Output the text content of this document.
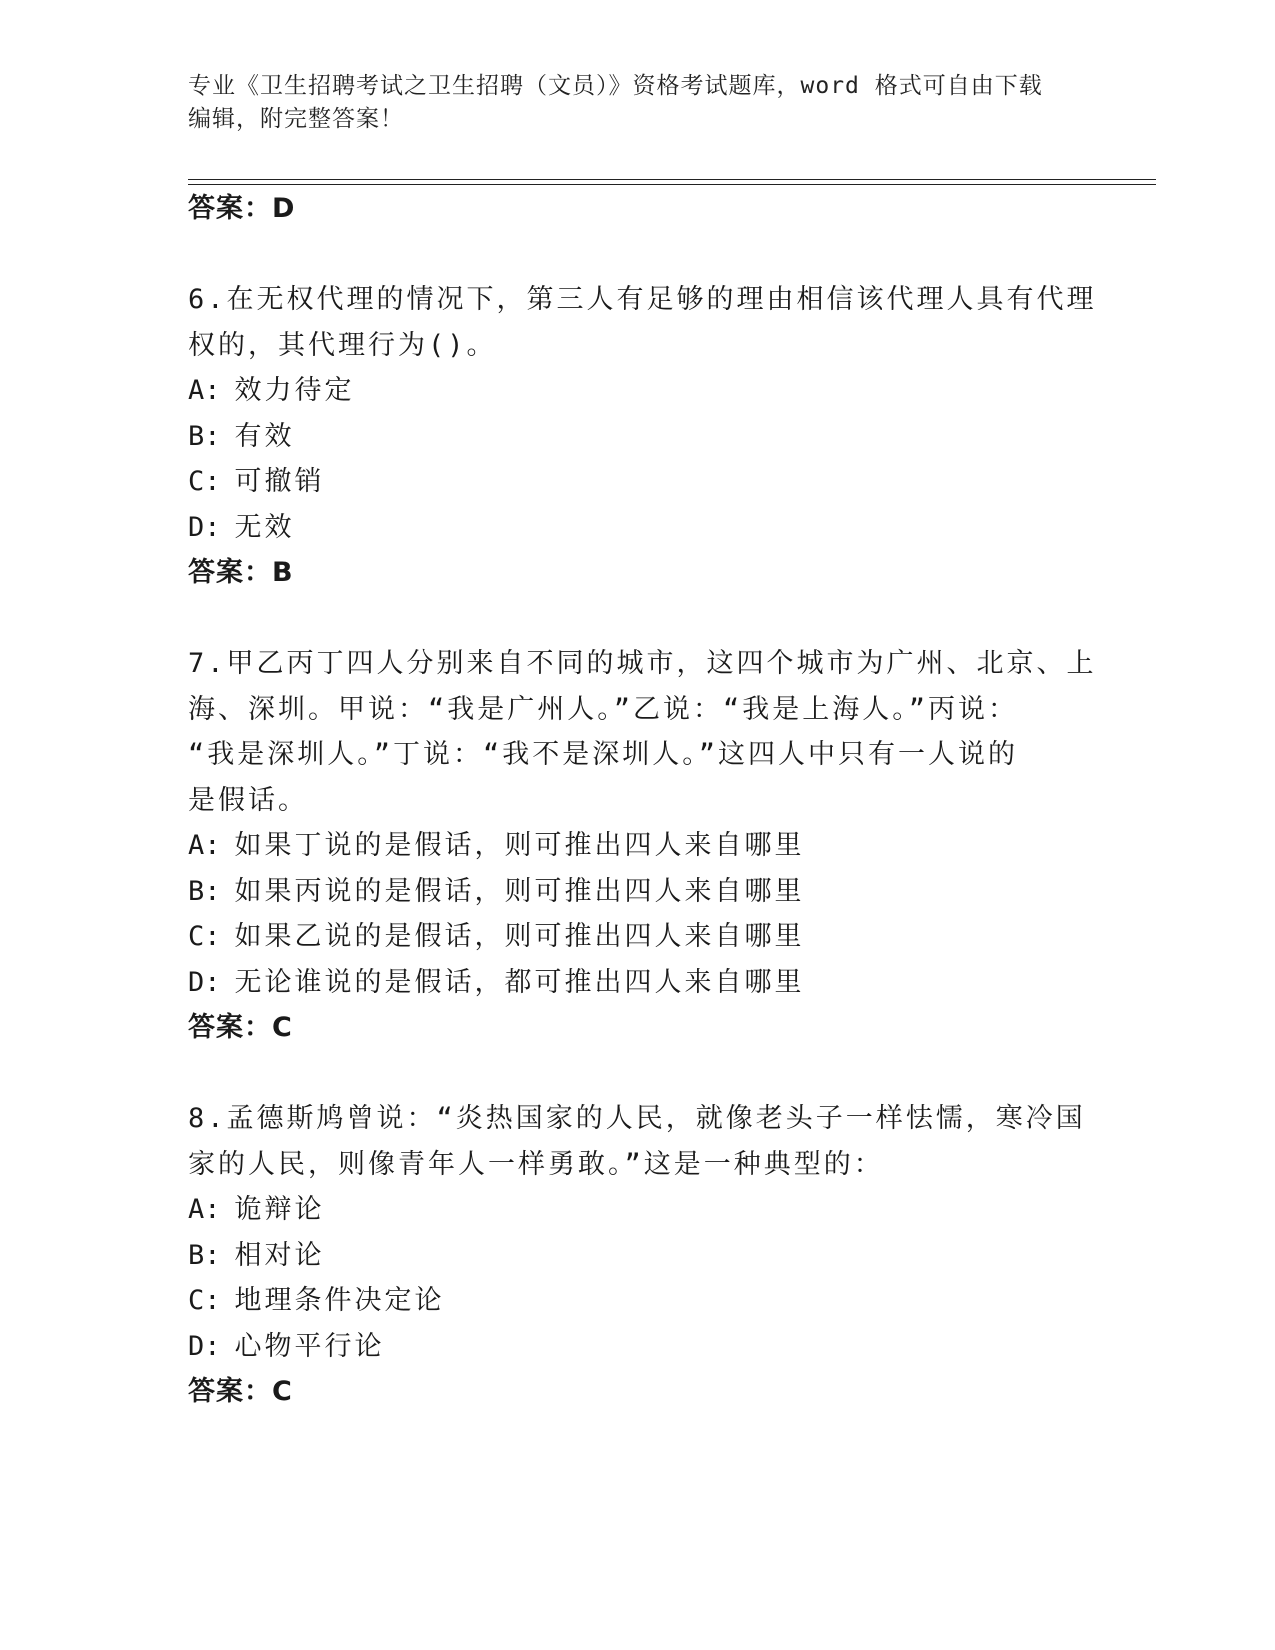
专业《卫生招聘考试之卫生招聘（文员）》资格考试题库，word 格式可自由下载
编辑，附完整答案！
答案：D
6.在无权代理的情况下，第三人有足够的理由相信该代理人具有代理
权的，其代理行为()。
A: 效力待定
B: 有效
C: 可撤销
D: 无效
答案：B
7.甲乙丙丁四人分别来自不同的城市，这四个城市为广州、北京、上
海、深圳。甲说：“我是广州人。”乙说：“我是上海人。”丙说：
“我是深圳人。”丁说：“我不是深圳人。”这四人中只有一人说的
是假话。
A: 如果丁说的是假话，则可推出四人来自哪里
B: 如果丙说的是假话，则可推出四人来自哪里
C: 如果乙说的是假话，则可推出四人来自哪里
D: 无论谁说的是假话，都可推出四人来自哪里
答案：C
8.孟德斯鸠曾说：“炎热国家的人民，就像老头子一样怯懦，寒冷国
家的人民，则像青年人一样勇敢。”这是一种典型的：
A: 诡辩论
B: 相对论
C: 地理条件决定论
D: 心物平行论
答案：C
